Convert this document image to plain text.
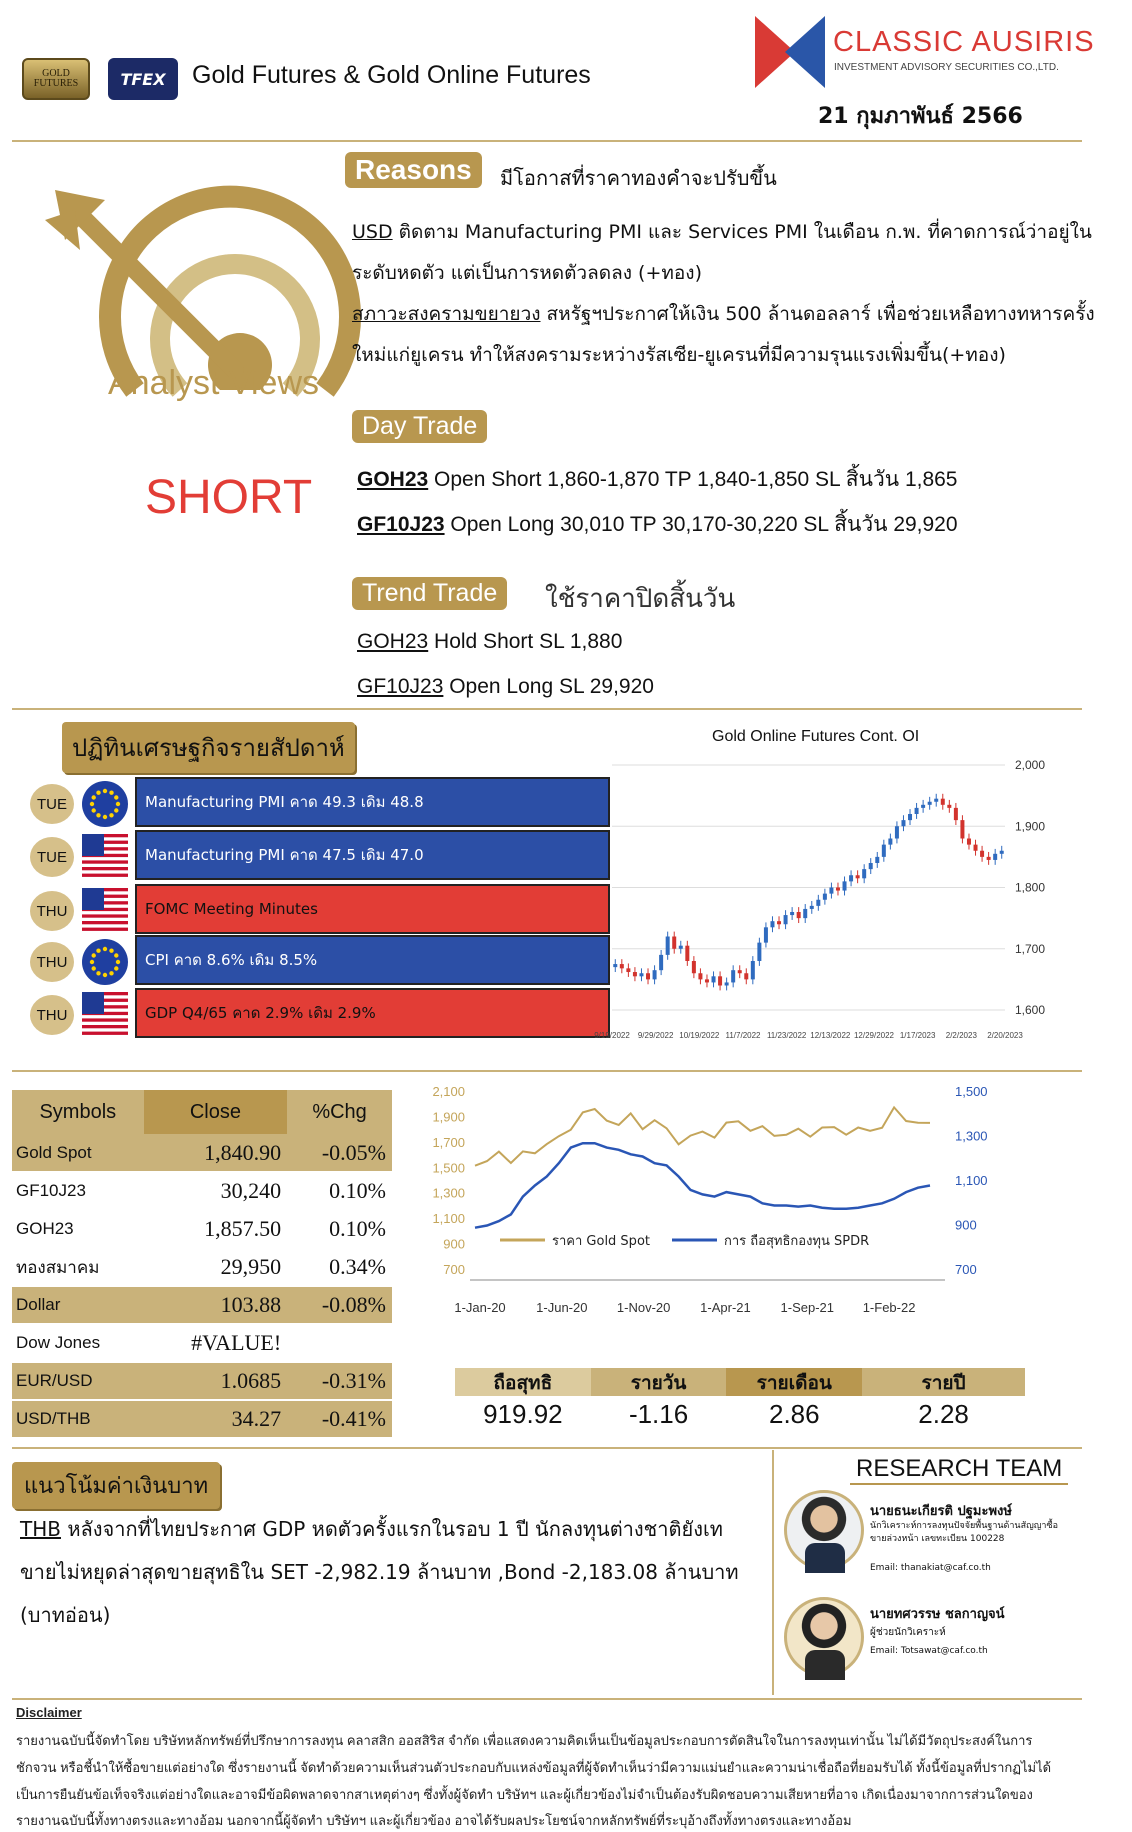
GOLD FUTURES	TFEX Gold Futures & Gold Online Futures
CLASSIC AUSIRIS
INVESTMENT ADVISORY SECURITIES CO.,LTD.
21 กุมภาพันธ์ 2566
Analyst Views
SHORT
Reasons	มีโอกาสที่ราคาทองคำจะปรับขึ้น
USD ติดตาม Manufacturing PMI และ Services PMI ในเดือน ก.พ. ที่คาดการณ์ว่าอยู่ใน
ระดับหดตัว แต่เป็นการหดตัวลดลง (+ทอง)
สภาวะสงครามขยายวง สหรัฐฯประกาศให้เงิน 500 ล้านดอลลาร์ เพื่อช่วยเหลือทางทหารครั้ง
ใหม่แก่ยูเครน ทำให้สงครามระหว่างรัสเซีย-ยูเครนที่มีความรุนแรงเพิ่มขึ้น(+ทอง)
Day Trade
GOH23 Open Short 1,860-1,870 TP 1,840-1,850 SL สิ้นวัน 1,865
GF10J23 Open Long 30,010 TP 30,170-30,220 SL สิ้นวัน 29,920
Trend Trade	ใช้ราคาปิดสิ้นวัน
GOH23 Hold Short SL 1,880
GF10J23 Open Long SL 29,920
ปฏิทินเศรษฐกิจรายสัปดาห์
TUE	Manufacturing PMI คาด 49.3 เดิม 48.8
TUE	Manufacturing PMI คาด 47.5 เดิม 47.0
THU	FOMC Meeting Minutes
THU	CPI คาด 8.6% เดิม 8.5%
THU	GDP Q4/65 คาด 2.9% เดิม 2.9%
Gold Online Futures Cont. OI
2,000
1,900
1,800
1,700
1,600
9/19/2022 9/29/2022 10/19/2022 11/7/2022 11/23/2022 12/13/2022 12/29/2022 1/17/2023 2/2/2023 2/20/2023
Symbols	Close	%Chg
Gold Spot	1,840.90	-0.05%
GF10J23	30,240	0.10%
GOH23	1,857.50	0.10%
ทองสมาคม	29,950	0.34%
Dollar	103.88	-0.08%
Dow Jones	#VALUE!	
EUR/USD	1.0685	-0.31%
USD/THB	34.27	-0.41%
2,100
1,900
1,700
1,500
1,300
1,100
900
700
1,500
1,300
1,100
900
700
1-Jan-20 1-Jun-20 1-Nov-20 1-Apr-21 1-Sep-21 1-Feb-22
ราคา Gold Spot	การ ถือสุทธิกองทุน SPDR
ถือสุทธิ	รายวัน	รายเดือน	รายปี
919.92	-1.16	2.86	2.28
แนวโน้มค่าเงินบาท
THB หลังจากที่ไทยประกาศ GDP หดตัวครั้งแรกในรอบ 1 ปี นักลงทุนต่างชาติยังเท
ขายไม่หยุดล่าสุดขายสุทธิใน SET -2,982.19 ล้านบาท ,Bond -2,183.08 ล้านบาท
(บาทอ่อน)
RESEARCH TEAM
นายธนะเกียรติ ปฐมะพงษ์
นักวิเคราะห์การลงทุนปัจจัยพื้นฐานด้านสัญญาซื้อขายล่วงหน้า เลขทะเบียน 100228
Email: thanakiat@caf.co.th
นายทศวรรษ ชลกาญจน์
ผู้ช่วยนักวิเคราะห์
Email: Totsawat@caf.co.th
Disclaimer
รายงานฉบับนี้จัดทำโดย บริษัทหลักทรัพย์ที่ปรึกษาการลงทุน คลาสสิก ออสสิริส จำกัด เพื่อแสดงความคิดเห็นเป็นข้อมูลประกอบการตัดสินใจในการลงทุนเท่านั้น ไม่ได้มีวัตถุประสงค์ในการ
ชักจวน หรือชี้นำให้ซื้อขายแต่อย่างใด ซึ่งรายงานนี้ จัดทำด้วยความเห็นส่วนตัวประกอบกับแหล่งข้อมูลที่ผู้จัดทำเห็นว่ามีความแม่นยำและความน่าเชื่อถือที่ยอมรับได้ ทั้งนี้ข้อมูลที่ปรากฏไม่ได้
เป็นการยืนยันข้อเท็จจริงแต่อย่างใดและอาจมีข้อผิดพลาดจากสาเหตุต่างๆ ซึ่งทั้งผู้จัดทำ บริษัทฯ และผู้เกี่ยวข้องไม่จำเป็นต้องรับผิดชอบความเสียหายที่อาจ เกิดเนื่องมาจากการส่วนใดของ
รายงานฉบับนี้ทั้งทางตรงและทางอ้อม นอกจากนี้ผู้จัดทำ บริษัทฯ และผู้เกี่ยวข้อง อาจได้รับผลประโยชน์จากหลักทรัพย์ที่ระบุอ้างถึงทั้งทางตรงและทางอ้อม
